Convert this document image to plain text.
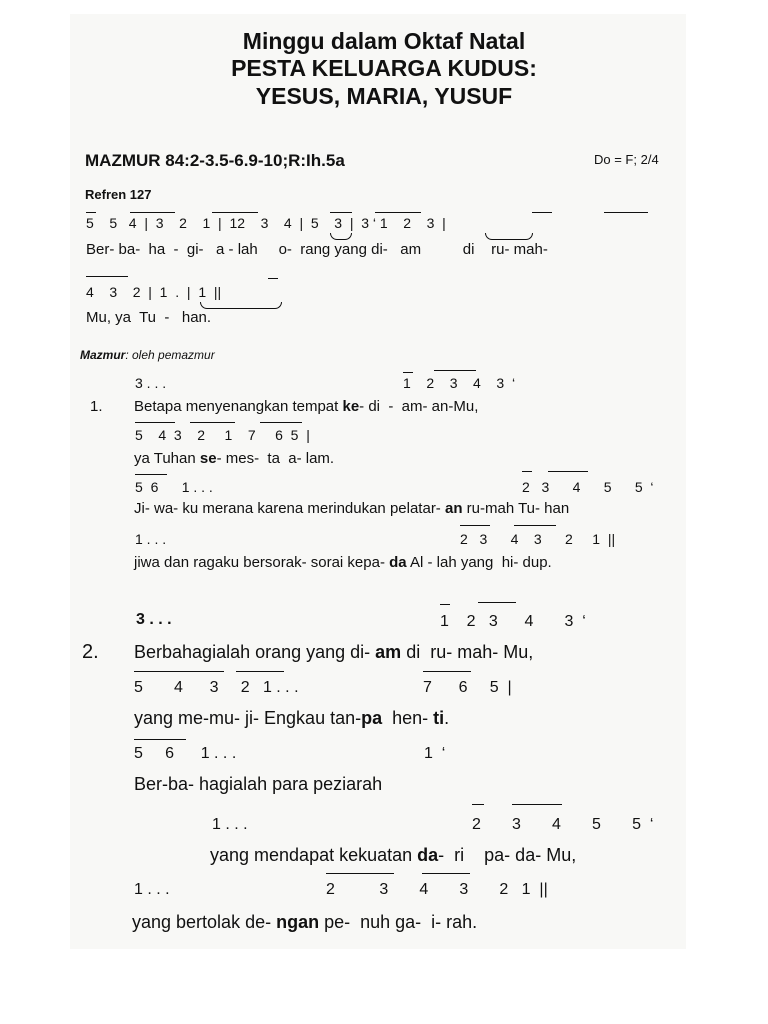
Minggu dalam Oktaf Natal
PESTA KELUARGA KUDUS:
YESUS, MARIA, YUSUF
MAZMUR 84:2-3.5-6.9-10;R:Ih.5a	Do = F; 2/4
Refren 127
5    5   4  |  3    2    1  |  12    3    4  |  5    3  |  3 ‘ 1    2    3  |
Ber- ba-  ha  -  gi-   a - lah     o-  rang yang di-   am          di    ru- mah-
4    3    2  |  1  .  |  1  ||
Mu, ya  Tu  -   han.
Mazmur: oleh pemazmur
3 . . .	1    2    3    4    3  ‘
1. Betapa menyenangkan tempat ke- di  -  am- an-Mu,
5    4  3    2     1    7     6  5  |
ya Tuhan se- mes-  ta  a- lam.
5  6      1 . . .	2   3      4      5      5  ‘
Ji- wa- ku merana karena merindukan pelatar- an ru-mah Tu- han
1 . . .	2   3      4    3      2     1  ||
jiwa dan ragaku bersorak- sorai kepa- da Al - lah yang  hi- dup.
3 . . .	1    2   3      4       3  ‘
2. Berbahagialah orang yang di- am di  ru- mah- Mu,
5       4      3     2   1 . . .	7      6     5  |
yang me-mu- ji- Engkau tan-pa  hen- ti.
5     6      1 . . .	1  ‘
Ber-ba- hagialah para peziarah
1 . . .	2       3       4       5       5  ‘
yang mendapat kekuatan da-  ri    pa- da- Mu,
1 . . .	2          3       4       3       2   1  ||
yang bertolak de- ngan pe-  nuh ga-  i- rah.
